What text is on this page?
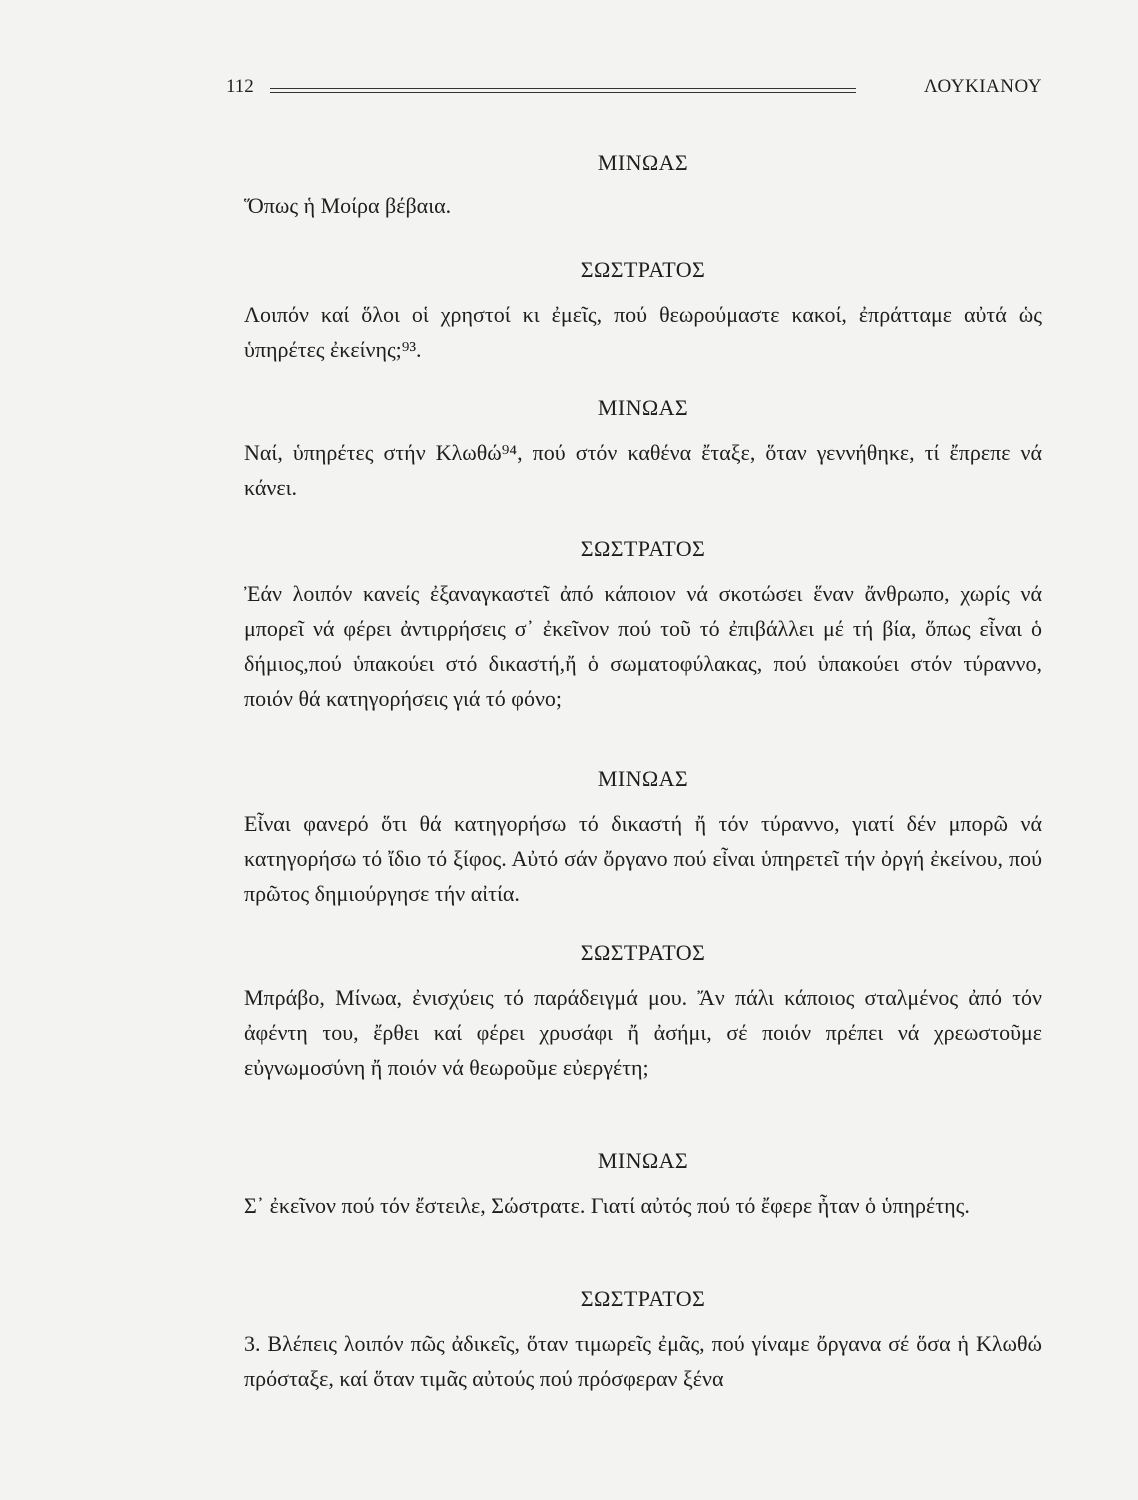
112	ΛΟΥΚΙΑΝΟΥ
ΜΙΝΩΑΣ

Ὅπως ἡ Μοίρα βέβαια.

ΣΩΣΤΡΑΤΟΣ

Λοιπόν καί ὅλοι οἱ χρηστοί κι ἐμεῖς, πού θεωρούμαστε κακοί, ἐπράτταμε αὐτά ὡς ὑπηρέτες ἐκείνης;⁹³.

ΜΙΝΩΑΣ

Ναί, ὑπηρέτες στήν Κλωθώ⁹⁴, πού στόν καθένα ἔταξε, ὅταν γεννήθηκε, τί ἔπρεπε νά κάνει.

ΣΩΣΤΡΑΤΟΣ

Ἐάν λοιπόν κανείς ἐξαναγκαστεῖ ἀπό κάποιον νά σκοτώσει ἕναν ἄνθρωπο, χωρίς νά μπορεῖ νά φέρει ἀντιρρήσεις σ᾽ ἐκεῖνον πού τοῦ τό ἐπιβάλλει μέ τή βία, ὅπως εἶναι ὁ δήμιος,πού ὑπακούει στό δικαστή,ἤ ὁ σωματοφύλακας, πού ὑπακούει στόν τύραννο, ποιόν θά κατηγορήσεις γιά τό φόνο;

ΜΙΝΩΑΣ

Εἶναι φανερό ὅτι θά κατηγορήσω τό δικαστή ἤ τόν τύραννο, γιατί δέν μπορῶ νά κατηγορήσω τό ἴδιο τό ξίφος. Αὐτό σάν ὄργανο πού εἶναι ὑπηρετεῖ τήν ὀργή ἐκείνου, πού πρῶτος δημιούργησε τήν αἰτία.

ΣΩΣΤΡΑΤΟΣ

Μπράβο, Μίνωα, ἐνισχύεις τό παράδειγμά μου. Ἄν πάλι κάποιος σταλμένος ἀπό τόν ἀφέντη του, ἔρθει καί φέρει χρυσάφι ἤ ἀσήμι, σέ ποιόν πρέπει νά χρεωστοῦμε εὐγνωμοσύνη ἤ ποιόν νά θεωροῦμε εὐεργέτη;

ΜΙΝΩΑΣ

Σ᾽ ἐκεῖνον πού τόν ἔστειλε, Σώστρατε. Γιατί αὐτός πού τό ἔφερε ἦταν ὁ ὑπηρέτης.

ΣΩΣΤΡΑΤΟΣ

3. Βλέπεις λοιπόν πῶς ἀδικεῖς, ὅταν τιμωρεῖς ἐμᾶς, πού γίναμε ὄργανα σέ ὅσα ἡ Κλωθώ πρόσταξε, καί ὅταν τιμᾶς αὐτούς πού πρόσφεραν ξένα
